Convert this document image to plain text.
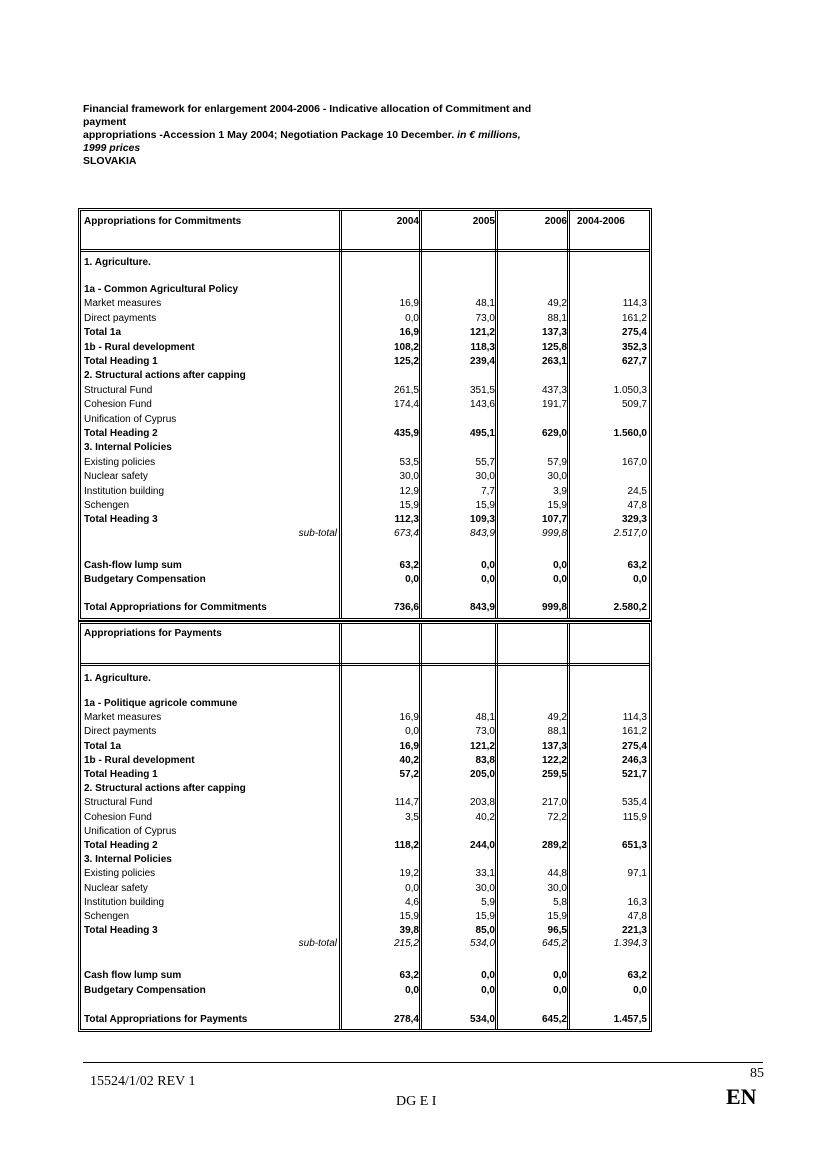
Financial framework for enlargement 2004-2006 - Indicative allocation of Commitment and
payment
appropriations -Accession 1 May 2004; Negotiation Package 10 December. in € millions,
1999 prices
SLOVAKIA
Appropriations for Commitments	2004	2005	2006	2004-2006
1. Agriculture.
1a - Common Agricultural Policy
Market measures	16,9	48,1	49,2	114,3
Direct payments	0,0	73,0	88,1	161,2
Total 1a	16,9	121,2	137,3	275,4
1b - Rural development	108,2	118,3	125,8	352,3
Total Heading 1	125,2	239,4	263,1	627,7
2. Structural actions after capping
Structural Fund	261,5	351,5	437,3	1.050,3
Cohesion Fund	174,4	143,6	191,7	509,7
Unification of Cyprus
Total Heading 2	435,9	495,1	629,0	1.560,0
3. Internal Policies
Existing policies	53,5	55,7	57,9	167,0
Nuclear safety	30,0	30,0	30,0
Institution building	12,9	7,7	3,9	24,5
Schengen	15,9	15,9	15,9	47,8
Total Heading 3	112,3	109,3	107,7	329,3
sub-total	673,4	843,9	999,8	2.517,0
Cash-flow lump sum	63,2	0,0	0,0	63,2
Budgetary Compensation	0,0	0,0	0,0	0,0
Total Appropriations for Commitments	736,6	843,9	999,8	2.580,2
Appropriations for Payments
1. Agriculture.
1a - Politique agricole commune
Market measures	16,9	48,1	49,2	114,3
Direct payments	0,0	73,0	88,1	161,2
Total 1a	16,9	121,2	137,3	275,4
1b - Rural development	40,2	83,8	122,2	246,3
Total Heading 1	57,2	205,0	259,5	521,7
2. Structural actions after capping
Structural Fund	114,7	203,8	217,0	535,4
Cohesion Fund	3,5	40,2	72,2	115,9
Unification of Cyprus
Total Heading 2	118,2	244,0	289,2	651,3
3. Internal Policies
Existing policies	19,2	33,1	44,8	97,1
Nuclear safety	0,0	30,0	30,0
Institution building	4,6	5,9	5,8	16,3
Schengen	15,9	15,9	15,9	47,8
Total Heading 3	39,8	85,0	96,5	221,3
sub-total	215,2	534,0	645,2	1.394,3
Cash flow lump sum	63,2	0,0	0,0	63,2
Budgetary Compensation	0,0	0,0	0,0	0,0
Total Appropriations for Payments	278,4	534,0	645,2	1.457,5
15524/1/02 REV 1
85
DG E I	EN
